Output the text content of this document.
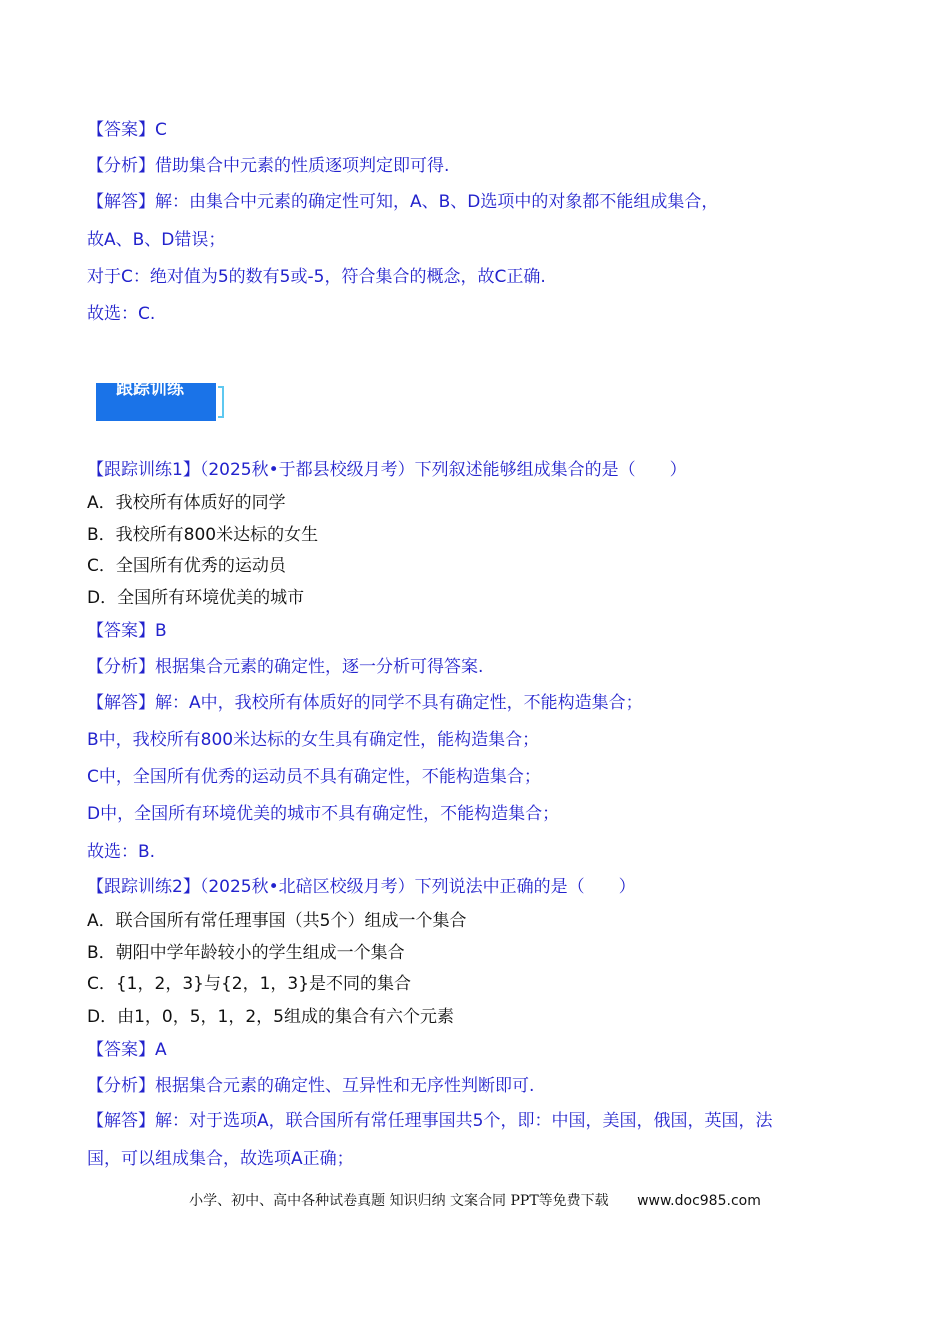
【答案】C
【分析】借助集合中元素的性质逐项判定即可得.
【解答】解：由集合中元素的确定性可知，A、B、D选项中的对象都不能组成集合，
故A、B、D错误；
对于C：绝对值为5的数有5或-5，符合集合的概念，故C正确.
故选：C.
跟踪训练
【跟踪训练1】（2025秋•于都县校级月考）下列叙述能够组成集合的是（　　）
A．我校所有体质好的同学
B．我校所有800米达标的女生
C．全国所有优秀的运动员
D．全国所有环境优美的城市
【答案】B
【分析】根据集合元素的确定性，逐一分析可得答案.
【解答】解：A中，我校所有体质好的同学不具有确定性，不能构造集合；
B中，我校所有800米达标的女生具有确定性，能构造集合；
C中，全国所有优秀的运动员不具有确定性，不能构造集合；
D中，全国所有环境优美的城市不具有确定性，不能构造集合；
故选：B.
【跟踪训练2】（2025秋•北碚区校级月考）下列说法中正确的是（　　）
A．联合国所有常任理事国（共5个）组成一个集合
B．朝阳中学年龄较小的学生组成一个集合
C．{1，2，3}与{2，1，3}是不同的集合
D．由1，0，5，1，2，5组成的集合有六个元素
【答案】A
【分析】根据集合元素的确定性、互异性和无序性判断即可.
【解答】解：对于选项A，联合国所有常任理事国共5个，即：中国，美国，俄国，英国，法
国，可以组成集合，故选项A正确；
小学、初中、高中各种试卷真题 知识归纳 文案合同 PPT等免费下载 www.doc985.com
